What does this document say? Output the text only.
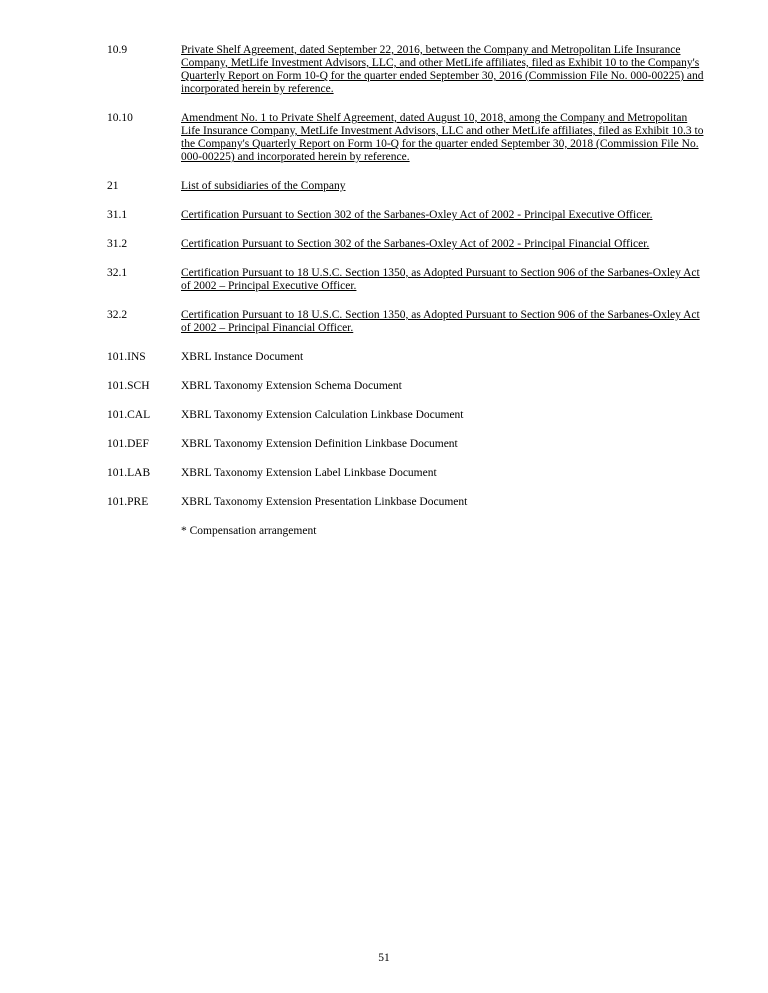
10.9	Private Shelf Agreement, dated September 22, 2016, between the Company and Metropolitan Life Insurance Company, MetLife Investment Advisors, LLC, and other MetLife affiliates, filed as Exhibit 10 to the Company's Quarterly Report on Form 10-Q for the quarter ended September 30, 2016 (Commission File No. 000-00225) and incorporated herein by reference.
10.10	Amendment No. 1 to Private Shelf Agreement, dated August 10, 2018, among the Company and Metropolitan Life Insurance Company, MetLife Investment Advisors, LLC and other MetLife affiliates, filed as Exhibit 10.3 to the Company's Quarterly Report on Form 10-Q for the quarter ended September 30, 2018 (Commission File No. 000-00225) and incorporated herein by reference.
21	List of subsidiaries of the Company
31.1	Certification Pursuant to Section 302 of the Sarbanes-Oxley Act of 2002 - Principal Executive Officer.
31.2	Certification Pursuant to Section 302 of the Sarbanes-Oxley Act of 2002 - Principal Financial Officer.
32.1	Certification Pursuant to 18 U.S.C. Section 1350, as Adopted Pursuant to Section 906 of the Sarbanes-Oxley Act of 2002 – Principal Executive Officer.
32.2	Certification Pursuant to 18 U.S.C. Section 1350, as Adopted Pursuant to Section 906 of the Sarbanes-Oxley Act of 2002 – Principal Financial Officer.
101.INS	XBRL Instance Document
101.SCH	XBRL Taxonomy Extension Schema Document
101.CAL	XBRL Taxonomy Extension Calculation Linkbase Document
101.DEF	XBRL Taxonomy Extension Definition Linkbase Document
101.LAB	XBRL Taxonomy Extension Label Linkbase Document
101.PRE	XBRL Taxonomy Extension Presentation Linkbase Document
* Compensation arrangement
51
